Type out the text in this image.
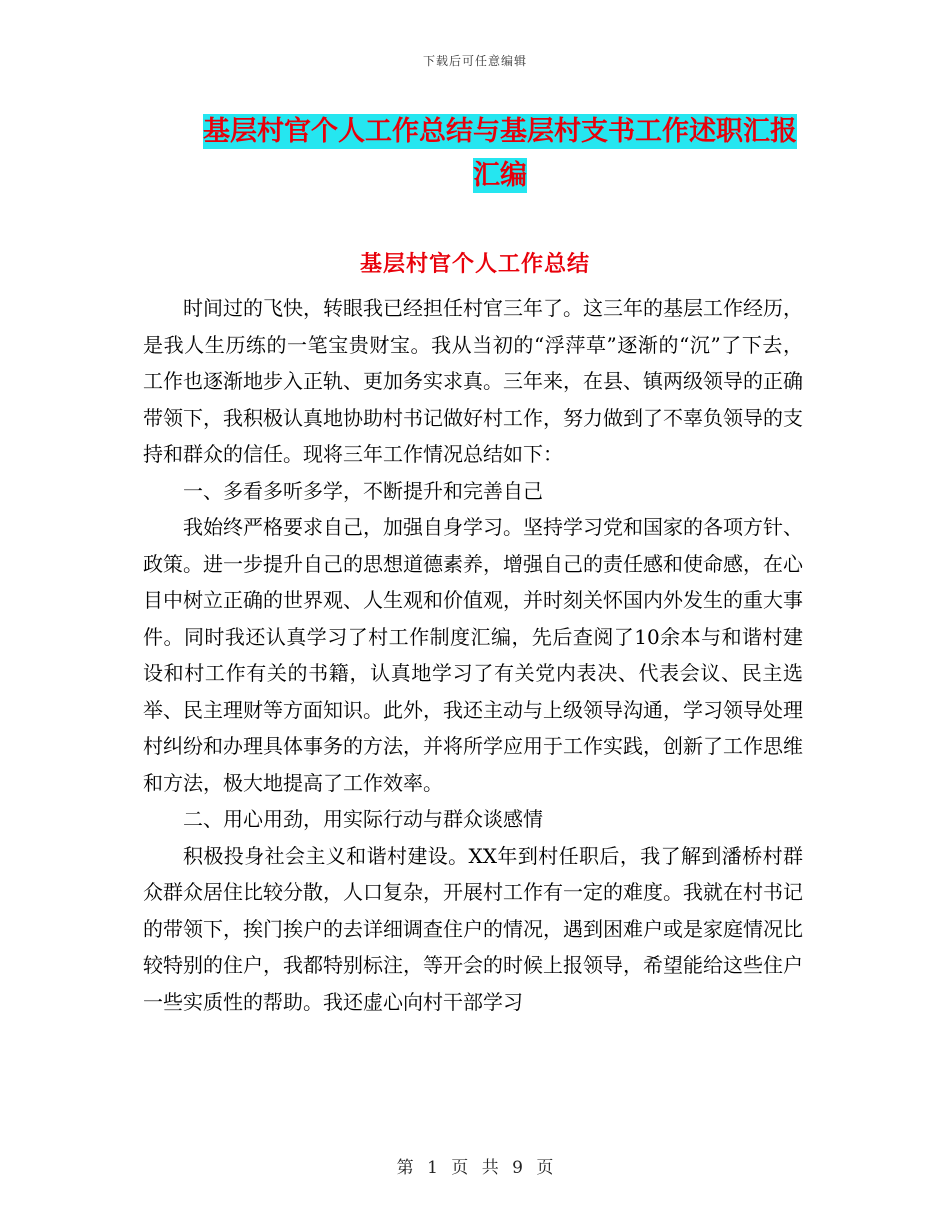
下载后可任意编辑
基层村官个人工作总结与基层村支书工作述职汇报汇编
基层村官个人工作总结

时间过的飞快，转眼我已经担任村官三年了。这三年的基层工作经历，是我人生历练的一笔宝贵财宝。我从当初的“浮萍草”逐渐的“沉”了下去，工作也逐渐地步入正轨、更加务实求真。三年来，在县、镇两级领导的正确带领下，我积极认真地协助村书记做好村工作，努力做到了不辜负领导的支持和群众的信任。现将三年工作情况总结如下：

一、多看多听多学，不断提升和完善自己

我始终严格要求自己，加强自身学习。坚持学习党和国家的各项方针、政策。进一步提升自己的思想道德素养，增强自己的责任感和使命感，在心目中树立正确的世界观、人生观和价值观，并时刻关怀国内外发生的重大事件。同时我还认真学习了村工作制度汇编，先后查阅了10余本与和谐村建设和村工作有关的书籍，认真地学习了有关党内表决、代表会议、民主选举、民主理财等方面知识。此外，我还主动与上级领导沟通，学习领导处理村纠纷和办理具体事务的方法，并将所学应用于工作实践，创新了工作思维和方法，极大地提高了工作效率。

二、用心用劲，用实际行动与群众谈感情

积极投身社会主义和谐村建设。XX年到村任职后，我了解到潘桥村群众群众居住比较分散，人口复杂，开展村工作有一定的难度。我就在村书记的带领下，挨门挨户的去详细调查住户的情况，遇到困难户或是家庭情况比较特别的住户，我都特别标注，等开会的时候上报领导，希望能给这些住户一些实质性的帮助。我还虚心向村干部学习

第 1 页 共 9 页
